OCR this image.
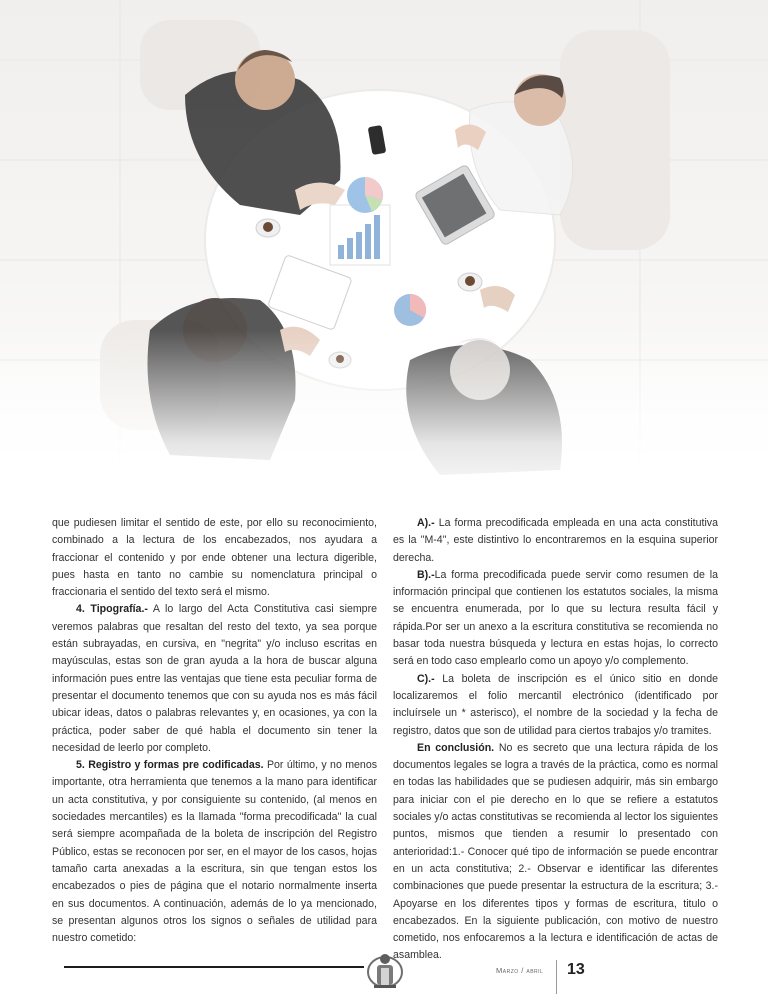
que pudiesen limitar el sentido de este, por ello su reconocimiento, combinado a la lectura de los encabezados, nos ayudara a fraccionar el contenido y por ende obtener una lectura digerible, pues hasta en tanto no cambie su nomenclatura principal o fraccionaria el sentido del texto será el mismo.

4. Tipografía.- A lo largo del Acta Constitutiva casi siempre veremos palabras que resaltan del resto del texto, ya sea porque están subrayadas, en cursiva, en "negrita" y/o incluso escritas en mayúsculas, estas son de gran ayuda a la hora de buscar alguna información pues entre las ventajas que tiene esta peculiar forma de presentar el documento tenemos que con su ayuda nos es más fácil ubicar ideas, datos o palabras relevantes y, en ocasiones, ya con la práctica, poder saber de qué habla el documento sin tener la necesidad de leerlo por completo.

5. Registro y formas pre codificadas. Por último, y no menos importante, otra herramienta que tenemos a la mano para identificar un acta constitutiva, y por consiguiente su contenido, (al menos en sociedades mercantiles) es la llamada "forma precodificada" la cual será siempre acompañada de la boleta de inscripción del Registro Público, estas se reconocen por ser, en el mayor de los casos, hojas tamaño carta anexadas a la escritura, sin que tengan estos los encabezados o pies de página que el notario normalmente inserta en sus documentos. A continuación, además de lo ya mencionado, se presentan algunos otros los signos o señales de utilidad para nuestro cometido:

A).- La forma precodificada empleada en una acta constitutiva es la "M-4", este distintivo lo encontraremos en la esquina superior derecha.

B).-La forma precodificada puede servir como resumen de la información principal que contienen los estatutos sociales, la misma se encuentra enumerada, por lo que su lectura resulta fácil y rápida.Por ser un anexo a la escritura constitutiva se recomienda no basar toda nuestra búsqueda y lectura en estas hojas, lo correcto será en todo caso emplearlo como un apoyo y/o complemento.

C).- La boleta de inscripción es el único sitio en donde localizaremos el folio mercantil electrónico (identificado por incluírsele un * asterisco), el nombre de la sociedad y la fecha de registro, datos que son de utilidad para ciertos trabajos y/o tramites.

En conclusión. No es secreto que una lectura rápida de los documentos legales se logra a través de la práctica, como es normal en todas las habilidades que se pudiesen adquirir, más sin embargo para iniciar con el pie derecho en lo que se refiere a estatutos sociales y/o actas constitutivas se recomienda al lector los siguientes puntos, mismos que tienden a resumir lo presentado con anterioridad:1.- Conocer qué tipo de información se puede encontrar en un acta constitutiva; 2.- Observar e identificar las diferentes combinaciones que puede presentar la estructura de la escritura; 3.- Apoyarse en los diferentes tipos y formas de escritura, titulo o encabezados. En la siguiente publicación, con motivo de nuestro cometido, nos enfocaremos a la lectura e identificación de actas de asamblea.

Marzo / abril 13
